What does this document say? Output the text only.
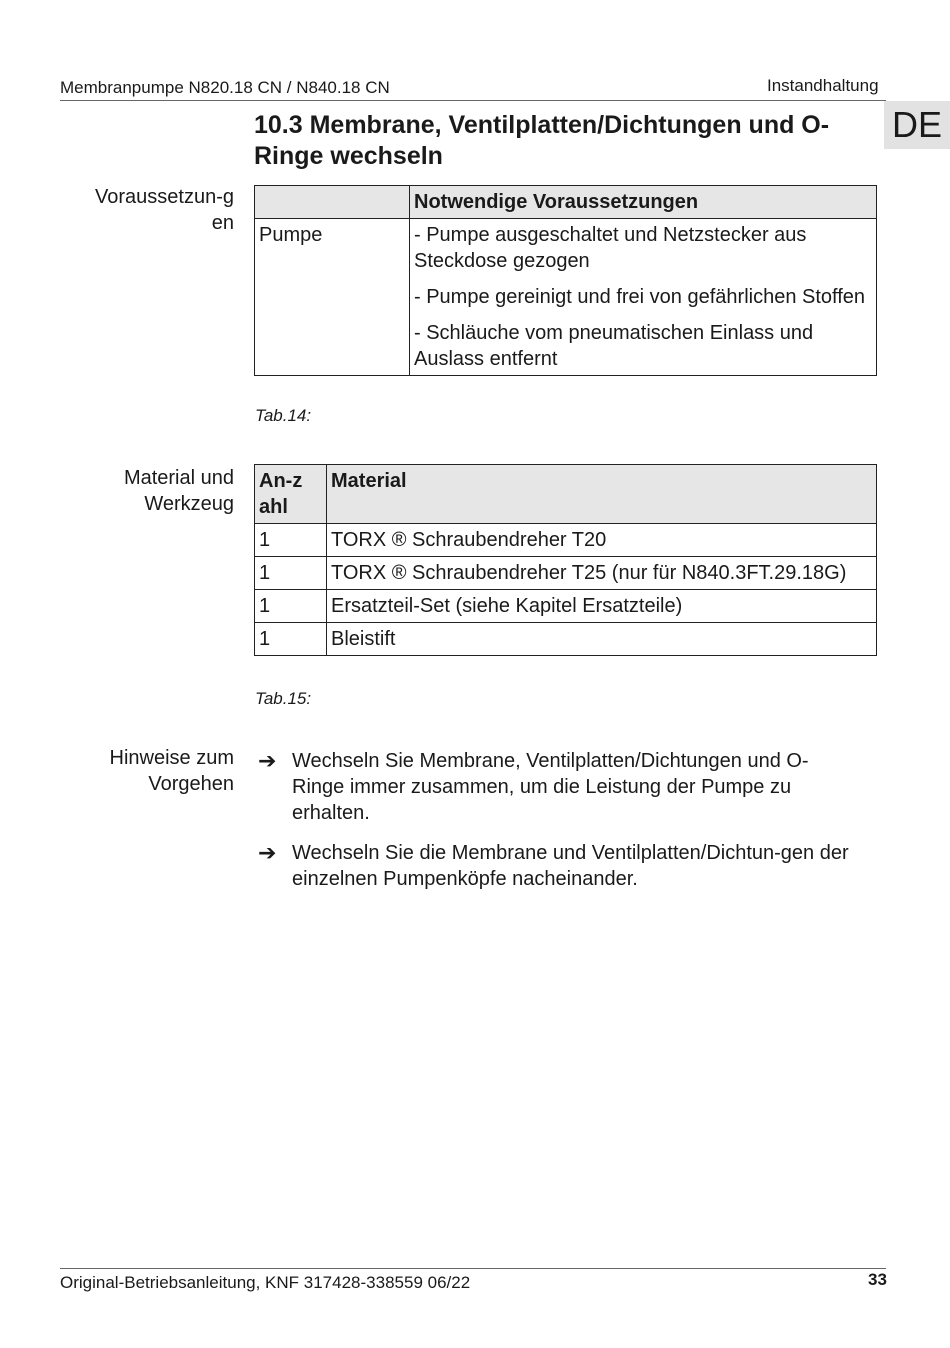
Membranpumpe N820.18 CN / N840.18 CN	Instandhaltung
DE
10.3 Membrane, Ventilplatten/Dichtungen und O-Ringe wechseln
Voraussetzun-gen
	Notwendige Voraussetzungen
Pumpe	- Pumpe ausgeschaltet und Netzstecker aus Steckdose gezogen
- Pumpe gereinigt und frei von gefährlichen Stoffen
- Schläuche vom pneumatischen Einlass und Auslass entfernt
Tab.14:
Material und Werkzeug
An-zahl	Material
1	TORX ® Schraubendreher T20
1	TORX ® Schraubendreher T25 (nur für N840.3FT.29.18G)
1	Ersatzteil-Set (siehe Kapitel Ersatzteile)
1	Bleistift
Tab.15:
Hinweise zum Vorgehen
➔ Wechseln Sie Membrane, Ventilplatten/Dichtungen und O-Ringe immer zusammen, um die Leistung der Pumpe zu erhalten.
➔ Wechseln Sie die Membrane und Ventilplatten/Dichtun-gen der einzelnen Pumpenköpfe nacheinander.
Original-Betriebsanleitung, KNF 317428-338559 06/22	33
